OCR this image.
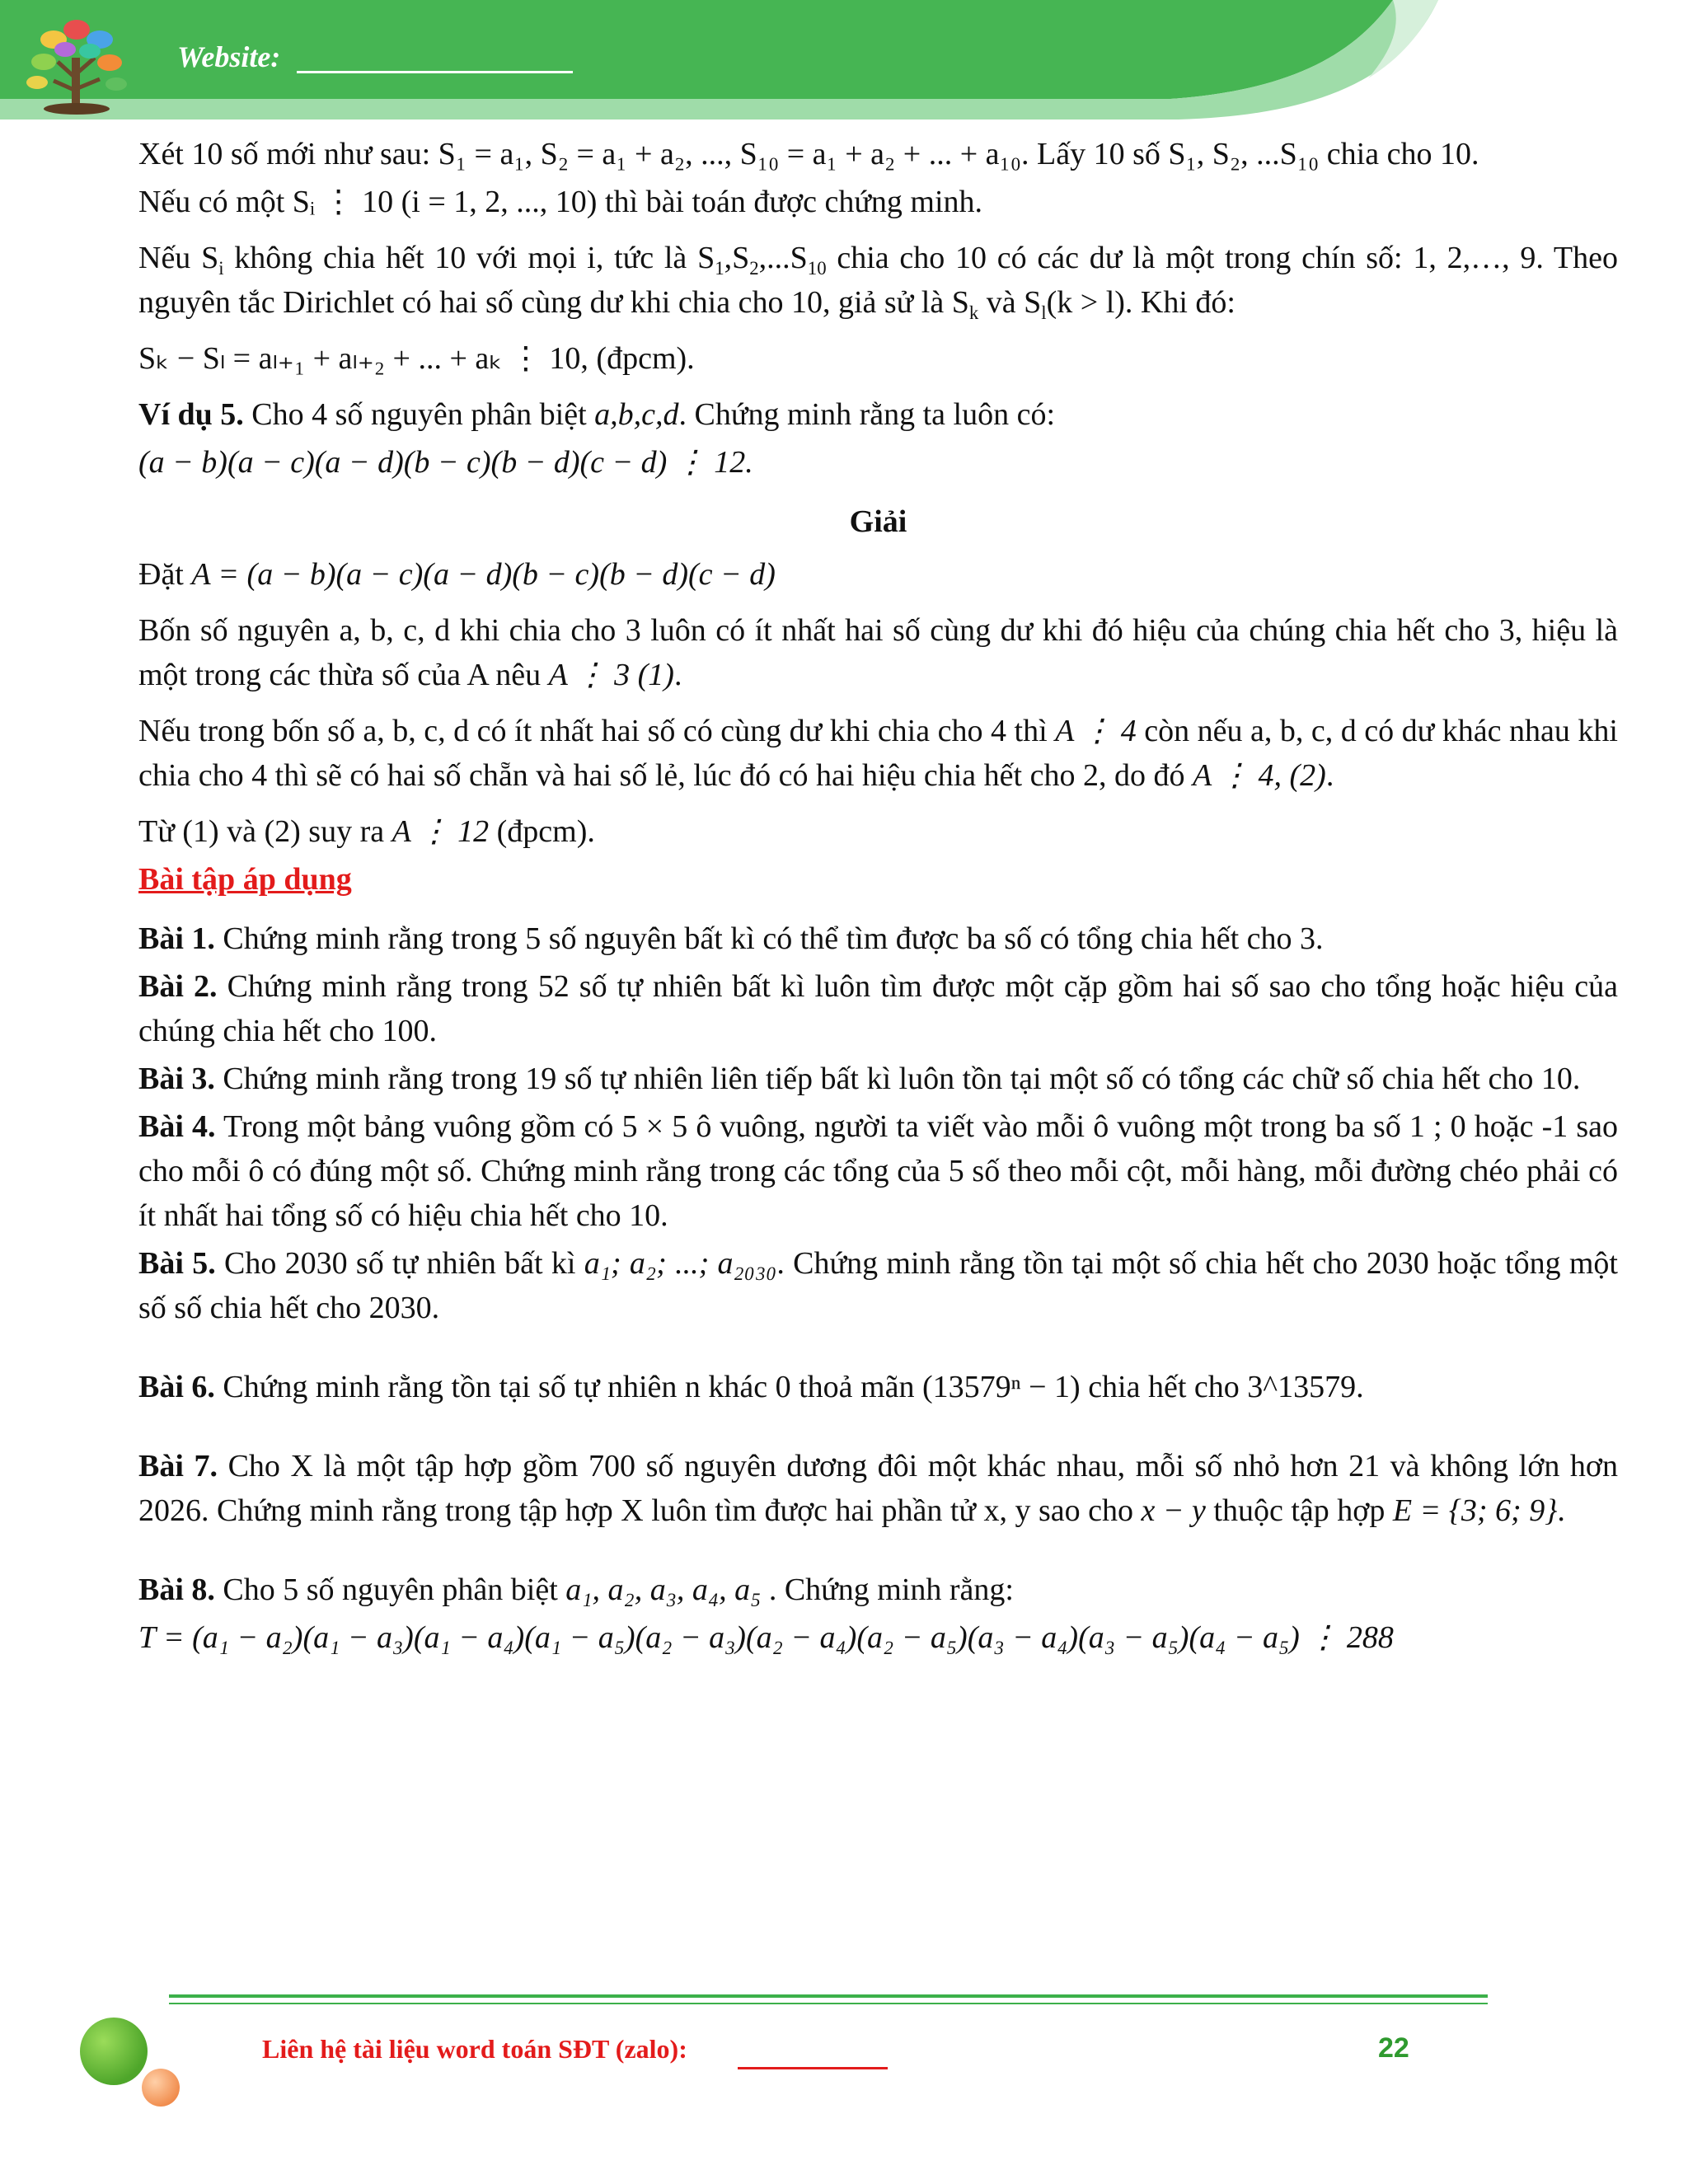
Website:

Xét 10 số mới như sau: S₁ = a₁, S₂ = a₁ + a₂, ..., S₁₀ = a₁ + a₂ + ... + a₁₀. Lấy 10 số S₁, S₂, ...S₁₀ chia cho 10.

Nếu có một Sᵢ ⋮ 10 (i = 1, 2, ..., 10) thì bài toán được chứng minh.

Nếu $S_i$ không chia hết 10 với mọi i, tức là $S_1,S_2,...S_{10}$ chia cho 10 có các dư là một trong chín số: 1, 2,…, 9. Theo nguyên tắc Dirichlet có hai số cùng dư khi chia cho 10, giả sử là $S_k$ và $S_l(k > l)$. Khi đó:

Sₖ − Sₗ = aₗ₊₁ + aₗ₊₂ + ... + aₖ ⋮ 10, (đpcm).

Ví dụ 5. Cho 4 số nguyên phân biệt a,b,c,d. Chứng minh rằng ta luôn có:

(a − b)(a − c)(a − d)(b − c)(b − d)(c − d) ⋮ 12.

Giải

Đặt A = (a − b)(a − c)(a − d)(b − c)(b − d)(c − d)

Bốn số nguyên a, b, c, d khi chia cho 3 luôn có ít nhất hai số cùng dư khi đó hiệu của chúng chia hết cho 3, hiệu là một trong các thừa số của A nêu A ⋮ 3 (1).

Nếu trong bốn số a, b, c, d có ít nhất hai số có cùng dư khi chia cho 4 thì A ⋮ 4 còn nếu a, b, c, d có dư khác nhau khi chia cho 4 thì sẽ có hai số chẵn và hai số lẻ, lúc đó có hai hiệu chia hết cho 2, do đó A ⋮ 4, (2).

Từ (1) và (2) suy ra A ⋮ 12 (đpcm).

Bài tập áp dụng

Bài 1. Chứng minh rằng trong 5 số nguyên bất kì có thể tìm được ba số có tổng chia hết cho 3.

Bài 2. Chứng minh rằng trong 52 số tự nhiên bất kì luôn tìm được một cặp gồm hai số sao cho tổng hoặc hiệu của chúng chia hết cho 100.

Bài 3. Chứng minh rằng trong 19 số tự nhiên liên tiếp bất kì luôn tồn tại một số có tổng các chữ số chia hết cho 10.

Bài 4. Trong một bảng vuông gồm có 5 × 5 ô vuông, người ta viết vào mỗi ô vuông một trong ba số 1 ; 0 hoặc -1 sao cho mỗi ô có đúng một số. Chứng minh rằng trong các tổng của 5 số theo mỗi cột, mỗi hàng, mỗi đường chéo phải có ít nhất hai tổng số có hiệu chia hết cho 10.

Bài 5. Cho 2030 số tự nhiên bất kì a₁; a₂; ...; a₂₀₃₀. Chứng minh rằng tồn tại một số chia hết cho 2030 hoặc tổng một số số chia hết cho 2030.

Bài 6. Chứng minh rằng tồn tại số tự nhiên n khác 0 thoả mãn (13579ⁿ − 1) chia hết cho 3^13579.

Bài 7. Cho X là một tập hợp gồm 700 số nguyên dương đôi một khác nhau, mỗi số nhỏ hơn 21 và không lớn hơn 2026. Chứng minh rằng trong tập hợp X luôn tìm được hai phần tử x, y sao cho x − y thuộc tập hợp E = {3; 6; 9}.

Bài 8. Cho 5 số nguyên phân biệt a₁, a₂, a₃, a₄, a₅ . Chứng minh rằng:

T = (a₁ − a₂)(a₁ − a₃)(a₁ − a₄)(a₁ − a₅)(a₂ − a₃)(a₂ − a₄)(a₂ − a₅)(a₃ − a₄)(a₃ − a₅)(a₄ − a₅) ⋮ 288

Liên hệ tài liệu word toán SĐT (zalo):	22
